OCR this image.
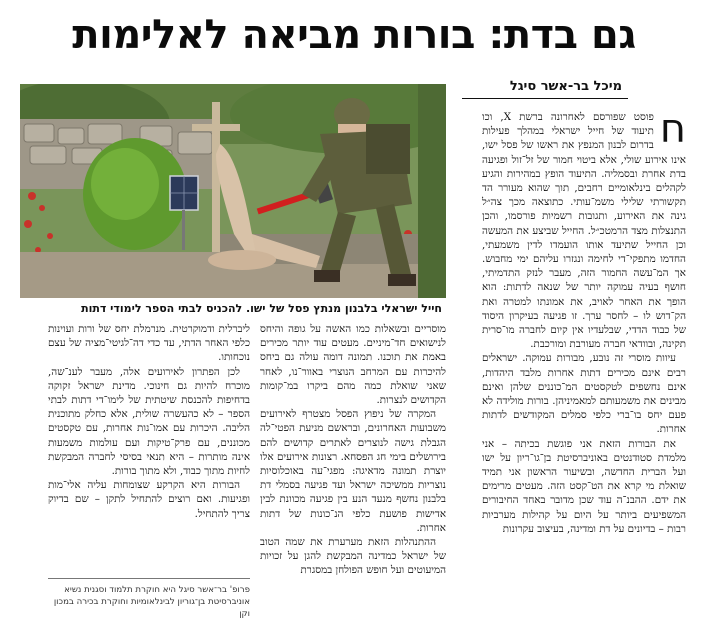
גם בדת: בורות מביאה לאלימות
מיכל בר-אשר סיגל
חייל ישראלי בלבנון מנתץ פסל של ישו. להכניס לבתי הספר לימודי דתות
ח

פוסט שפורסם לאחרונה ברשת X, וכו תיעוד של חייל ישראלי במהלך פעילות בדרום לבנון המנפץ את ראשו של פסל ישו, אינו אירוע שולי, אלא ביטוי חמור של זל־זול ופגיעה בדת אחרת ובסמליה. התיעוד הופץ במהירות והגיע לקהלים בינלאומיים רחבים, תוך שהוא מעורר הד תקשורתי שלילי משמ־עותי. כתוצאה מכך צה״ל גינה את האירוע, ותגובות רשמיות פורסמו, והכן התנצלות מצד הרמטכ״ל. החייל שביצע את המעשה וכן החייל שתיעד אותו הועמדו לדין משמעתי, החדמו מתפקי־די לחימה ונגזרו עליהם ימי מחבוש. אך המ־עשה החמור הזה, מעבר לנזק התדמיתי, חושף בעיה עמוקה יותר של שנאה לדתות: הוא הופך את האחר לאויב, את אמונתו למטרה ואת הק־דוש לו – לחסר ערך. זו פגיעה בעיקרון היסוד של כבוד הדדי, שבלעדיו אין קיום לחברה מו־סרית תקינה, ובוודאי חברה מעורבת ומורכבת.

עיוות מוסרי זה נובע, מבורות עמוקה. ישראלים רבים אינם מכירים דתות אחרות מלבד היהדות, אינם נחשפים לטקסטים המ־כוננים שלהן ואינם מבינים את משמעותם למאמיניהן. בורות מולידה לא פעם יחס בו־ברי כלפי סמלים המקודשים לדתות אחרות.

את הבורות הזאת אני פוגשת בכיתה – אני מלמדת סטודנטים באוניברסיטת בן־גו־ריון על ישו ועל הברית החדשה, ובשיעור הראשון אני תמיד שואלת מי קרא את הט־קסט הזה. מעטים מרימים את ידם. ההבנ־ה עוד שכן מדובר באחד החיבורים המשפיעים ביותר על היום על קהילות מערביות רבות – בדיונים על דת ומדינה, בעיצוב עקרונות

מוסריים ובשאלות כמו האשה על גופה והיחס לנישואים חד־מיניים. מעטים עוד יותר מכירים באמת את תוכנו. תמונה דומה עולה גם ביחס להיכרות עם המרחב הנוצרי באוור־נו, לאחר שאני שואלת כמה מהם ביקרו במ־קומות הקדושים לנצרות.

המקרה של ניפוץ הפסל מצטרף לאירועים משבועות האחרונים, ובראשם מניעת הפטי־לה הגבלת גישה לנוצרים לאתרים קדושים להם בירושלים בימי חג הפסחא. רצונות אירועים אלו יוצרת תמונה מדאיגה: מפגי־עה באוכלוסיות נוצריות ממשיכה ישראל ועד פגיעה בסמלי דת בלבנון נחשף מנעד הנע בין פגיעה מכוונת לבין אדישות פושעת כלפי הנ־כונות של דתות אחרות.

ההתנהלות הזאת מערערת את שמה הטוב של ישראל כמדינה המבקשת להגן על זכויות המיעוטים ועל חופש הפולחן במסגרת

ליברלית ודמוקרטית. מנרמלת יחס של ורות ועוינות כלפי האחר הדתי, עד כדי דה־לגיטי־מציה של עצם נוכחותו.

לכן הפתרון לאירועים אלה, מעבר לענ־שה, מוכרח להיות גם חינוכי. מדינת ישראל זקוקה בדחיפות להכנסת שיטתית של לימו־די דתות לבתי הספר – לא כהעשרה שולית, אלא כחלק מתוכנית הליבה. היכרות עם אמו־נות אחרות, עם טקסטים מכוננים, עם פרק־טיקות ועם עולמות משמעות אינה מותרות – היא תנאי בסיסי לחברה המבקשת לחיות מתוך כבוד, ולא מתוך בורות.

הבורות היא הקרקע שצומחות עליה אלי־מות ופגיעות. ואם רוצים להתחיל לתקן – שם בדיוק צריך להתחיל.

פרופ' בר־אשר סיגל היא חוקרת תלמוד וסגנית נשיא אוניברסיטת בן־גוריון לבינלאומיות וחוקרת בכירה במכון וקן
